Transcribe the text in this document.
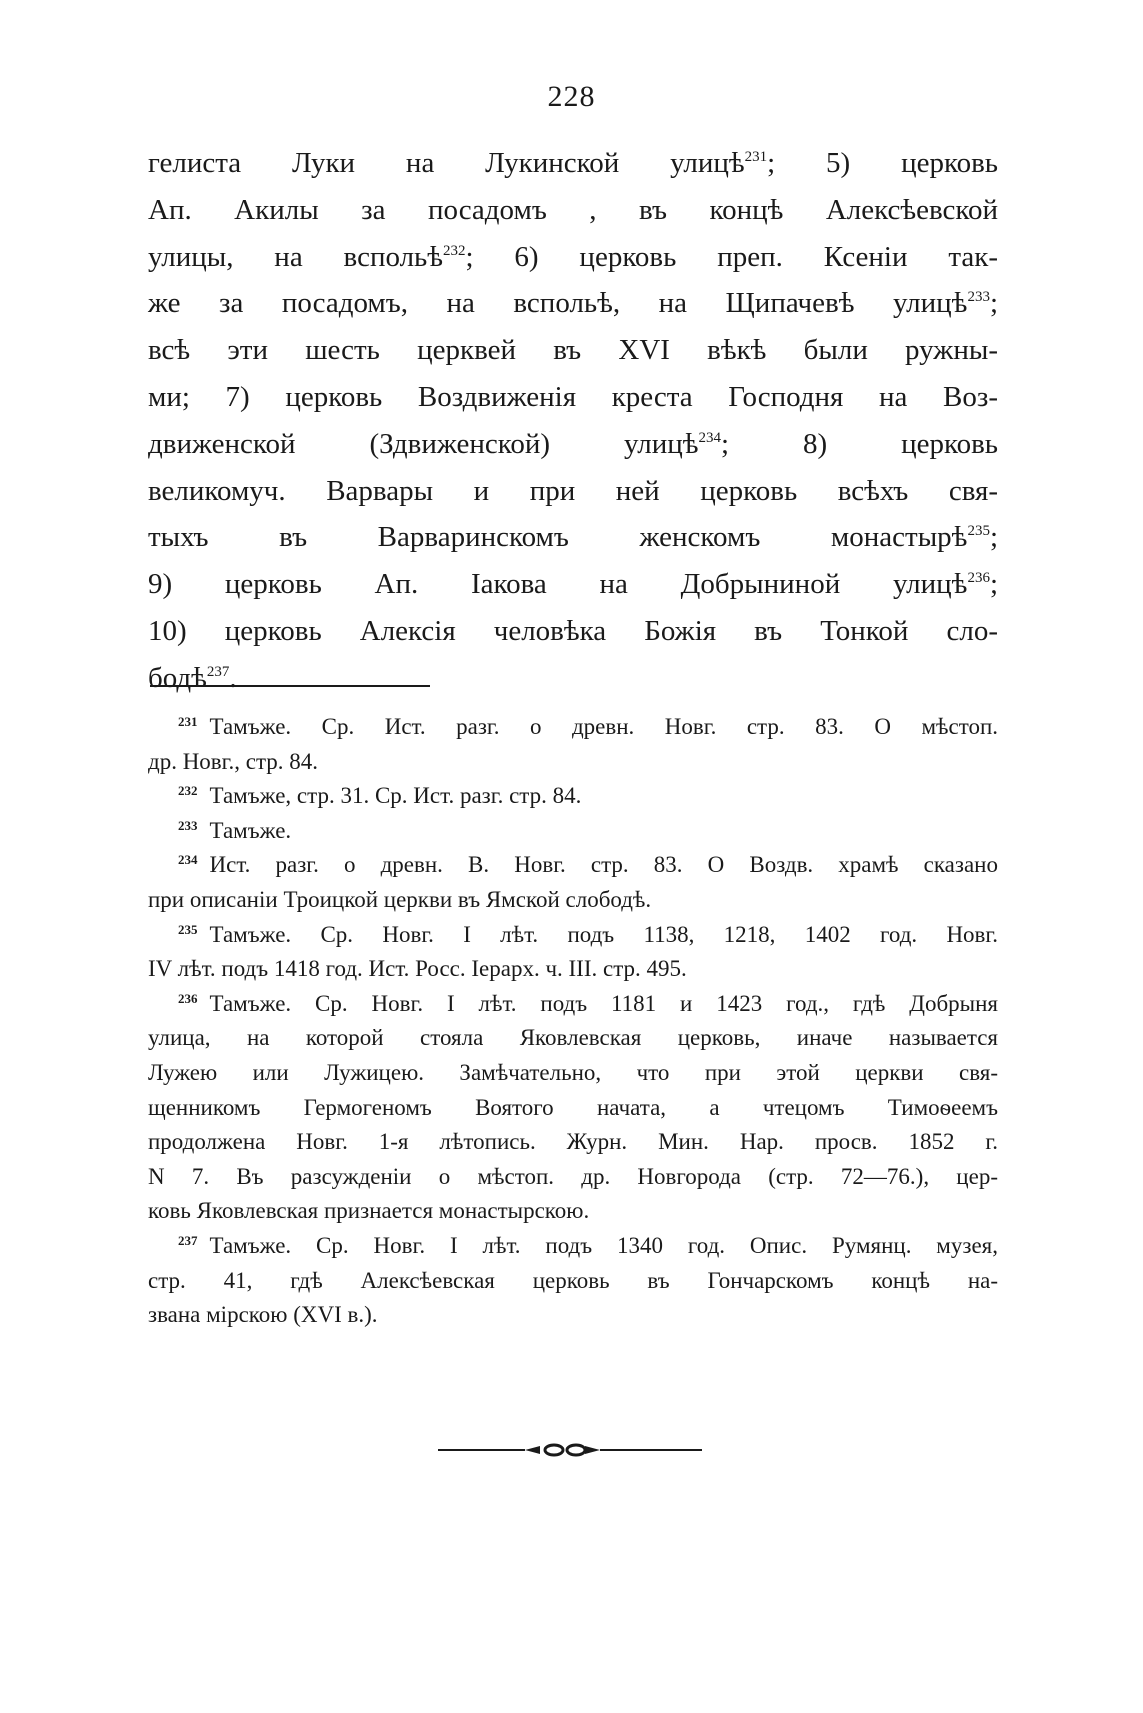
228
гелиста Луки на Лукинской улицѣ$^{231}$; 5) церковь
Ап. Акилы за посадомъ , въ концѣ Алексѣевской
улицы, на вспольѣ$^{232}$; 6) церковь преп. Ксеніи так-
же за посадомъ, на вспольѣ, на Щипачевѣ улицѣ$^{233}$;
всѣ эти шесть церквей въ XVI вѣкѣ были ружны-
ми; 7) церковь Воздвиженія креста Господня на Воз-
движенской (Здвиженской) улицѣ$^{234}$; 8) церковь
великомуч. Варвары и при ней церковь всѣхъ свя-
тыхъ въ Варваринскомъ женскомъ монастырѣ$^{235}$;
9) церковь Ап. Іакова на Добрыниной улицѣ$^{236}$;
10) церковь Алексія человѣка Божія въ Тонкой сло-
бодѣ$^{237}$.
$^{231}$ Тамъже. Ср. Ист. разг. о древн. Новг. стр. 83. О мѣстоп.
др. Новг., стр. 84.
$^{232}$ Тамъже, стр. 31. Ср. Ист. разг. стр. 84.
$^{233}$ Тамъже.
$^{234}$ Ист. разг. о древн. В. Новг. стр. 83. О Воздв. храмѣ сказано
при описаніи Троицкой церкви въ Ямской слободѣ.
$^{235}$ Тамъже. Ср. Новг. I лѣт. подъ 1138, 1218, 1402 год. Новг.
IV лѣт. подъ 1418 год. Ист. Росс. Іерарх. ч. III. стр. 495.
$^{236}$ Тамъже. Ср. Новг. I лѣт. подъ 1181 и 1423 год., гдѣ Добрыня
улица, на которой стояла Яковлевская церковь, иначе называется
Лужею или Лужицею. Замѣчательно, что при этой церкви свя-
щенникомъ Гермогеномъ Воятого начата, а чтецомъ Тимоѳеемъ
продолжена Новг. 1-я лѣтопись. Журн. Мин. Нар. просв. 1852 г.
N 7. Въ разсужденіи о мѣстоп. др. Новгорода (стр. 72—76.), цер-
ковь Яковлевская признается монастырскою.
$^{237}$ Тамъже. Ср. Новг. I лѣт. подъ 1340 год. Опис. Румянц. музея,
стр. 41, гдѣ Алексѣевская церковь въ Гончарскомъ концѣ на-
звана мірскою (XVI в.).
